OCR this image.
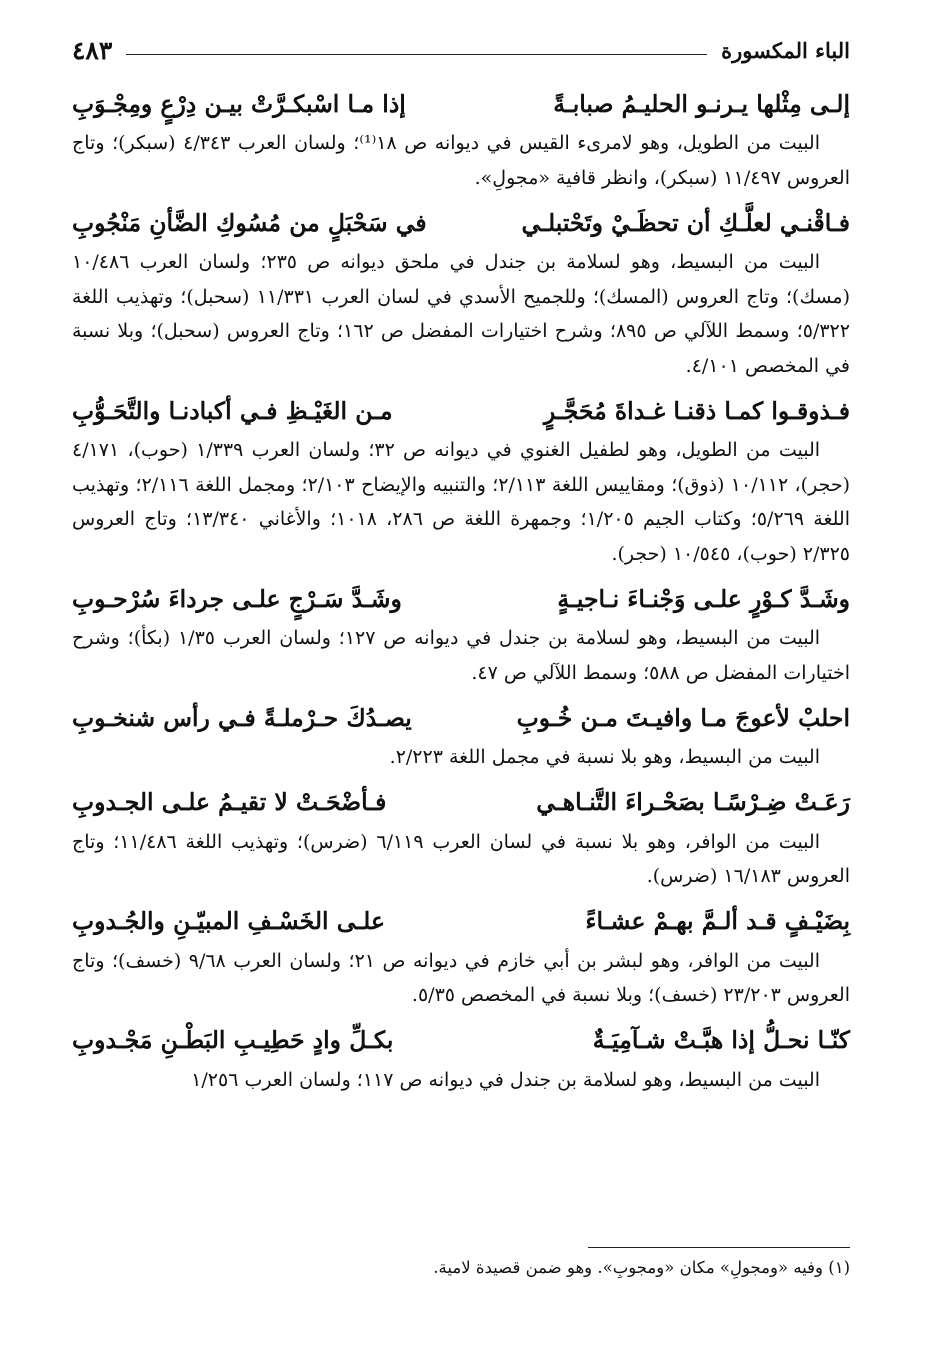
الباء المكسورة
٤٨٣
إلـى مِثْلها يـرنـو الحليـمُ صبابـةً
إذا مـا اسْبكـرَّتْ بيـن دِرْعٍ ومِجْـوَبِ

البيت من الطويل، وهو لامرىء القيس في ديوانه ص ١٨⁽¹⁾؛ ولسان العرب ٤/٣٤٣ (سبكر)؛ وتاج العروس ١١/٤٩٧ (سبكر)، وانظر قافية «مجولِ».

فـاقْنـي لعلَّـكِ أن تحظَـيْ وتَحْتبلـي
في سَحْبَلٍ من مُسُوكِ الضَّأنِ مَنْجُوبِ

البيت من البسيط، وهو لسلامة بن جندل في ملحق ديوانه ص ٢٣٥؛ ولسان العرب ١٠/٤٨٦ (مسك)؛ وتاج العروس (المسك)؛ وللجميح الأسدي في لسان العرب ١١/٣٣١ (سحبل)؛ وتهذيب اللغة ٥/٣٢٢؛ وسمط اللآلي ص ٨٩٥؛ وشرح اختيارات المفضل ص ١٦٢؛ وتاج العروس (سحبل)؛ وبلا نسبة في المخصص ٤/١٠١.

فـذوقـوا كمـا ذقنـا غـداةَ مُحَجَّـرٍ
مـن الغَيْـظِ فـي أكبادنـا والتَّحَـوُّبِ

البيت من الطويل، وهو لطفيل الغنوي في ديوانه ص ٣٢؛ ولسان العرب ١/٣٣٩ (حوب)، ٤/١٧١ (حجر)، ١٠/١١٢ (ذوق)؛ ومقاييس اللغة ٢/١١٣؛ والتنبيه والإيضاح ٢/١٠٣؛ ومجمل اللغة ٢/١١٦؛ وتهذيب اللغة ٥/٢٦٩؛ وكتاب الجيم ١/٢٠٥؛ وجمهرة اللغة ص ٢٨٦، ١٠١٨؛ والأغاني ١٣/٣٤٠؛ وتاج العروس ٢/٣٢٥ (حوب)، ١٠/٥٤٥ (حجر).

وشَـدَّ كـوْرٍ علـى وَجْنـاءَ نـاجيـةٍ
وشَـدَّ سَـرْجٍ علـى جرداءَ سُرْحـوبِ

البيت من البسيط، وهو لسلامة بن جندل في ديوانه ص ١٢٧؛ ولسان العرب ١/٣٥ (بكأ)؛ وشرح اختيارات المفضل ص ٥٨٨؛ وسمط اللآلي ص ٤٧.

احلبْ لأعوجَ مـا وافيـتَ مـن خُـوبِ
يصـدُكَ حـرْملـةً فـي رأس شنخـوبِ

البيت من البسيط، وهو بلا نسبة في مجمل اللغة ٢/٢٢٣.

رَعَـتْ ضِـرْسًـا بصَحْـراءَ التَّنـاهـي
فـأضْحَـتْ لا تقيـمُ علـى الجـدوبِ

البيت من الوافر، وهو بلا نسبة في لسان العرب ٦/١١٩ (ضرس)؛ وتهذيب اللغة ١١/٤٨٦؛ وتاج العروس ١٦/١٨٣ (ضرس).

بِضَيْـفٍ قـد ألـمَّ بهـمْ عشـاءً
علـى الخَسْـفِ المبيّـنِ والجُـدوبِ

البيت من الوافر، وهو لبشر بن أبي خازم في ديوانه ص ٢١؛ ولسان العرب ٩/٦٨ (خسف)؛ وتاج العروس ٢٣/٢٠٣ (خسف)؛ وبلا نسبة في المخصص ٥/٣٥.

كنّـا نحـلُّ إذا هبَّـتْ شـآمِيَـةٌ
بكـلِّ وادٍ حَطِيـبِ البَطْـنِ مَجْـدوبِ

البيت من البسيط، وهو لسلامة بن جندل في ديوانه ص ١١٧؛ ولسان العرب ١/٢٥٦

(١) وفيه «ومجولِ» مكان «ومجوبِ». وهو ضمن قصيدة لامية.
